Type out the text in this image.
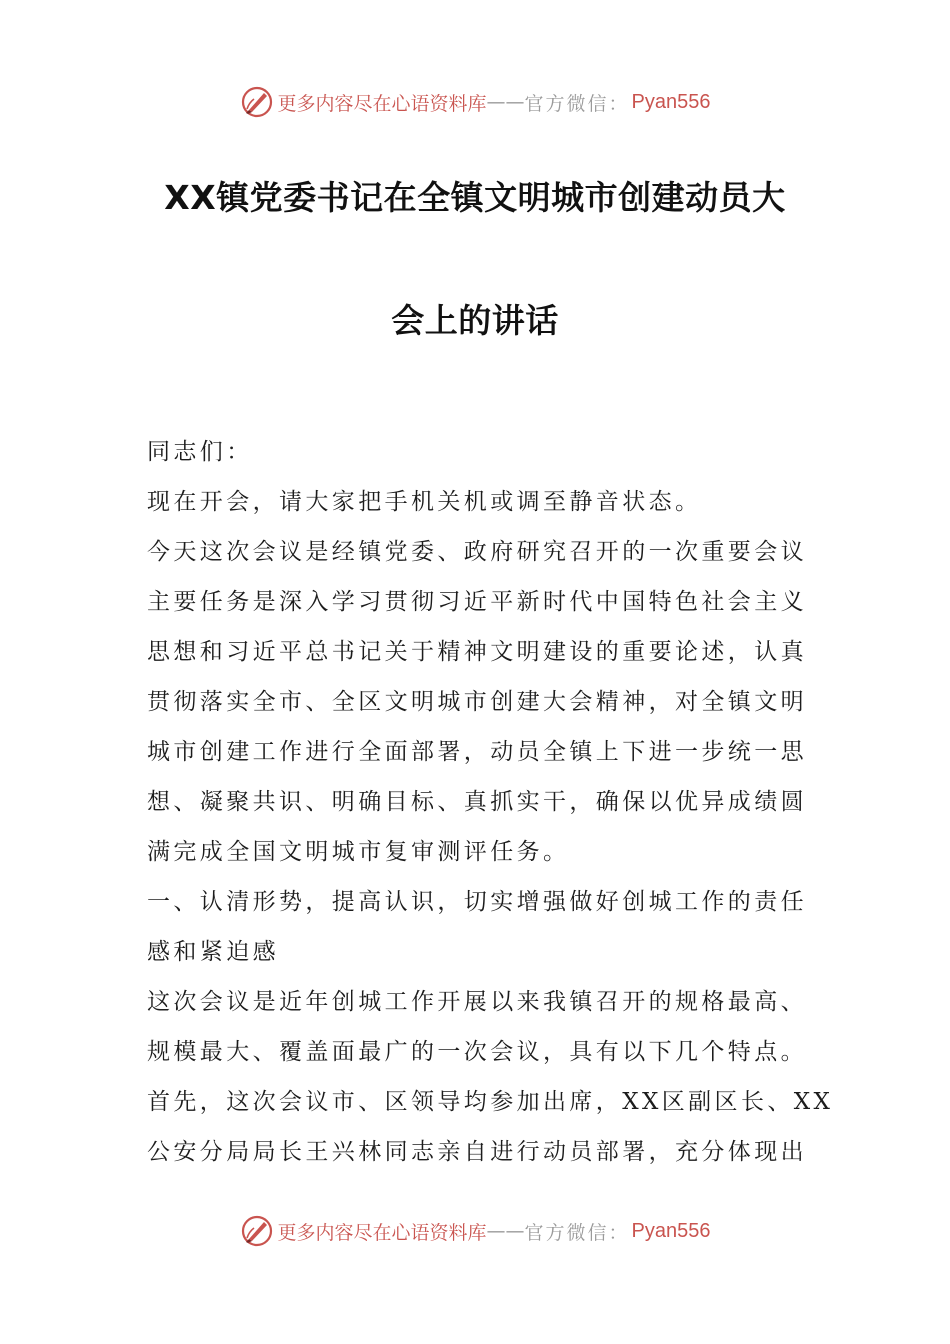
更多内容尽在心语资料库 —— 官方微信： Pyan556
XX镇党委书记在全镇文明城市创建动员大
会上的讲话
同志们：
现在开会，请大家把手机关机或调至静音状态。
今天这次会议是经镇党委、政府研究召开的一次重要会议
主要任务是深入学习贯彻习近平新时代中国特色社会主义
思想和习近平总书记关于精神文明建设的重要论述，认真
贯彻落实全市、全区文明城市创建大会精神，对全镇文明
城市创建工作进行全面部署，动员全镇上下进一步统一思
想、凝聚共识、明确目标、真抓实干，确保以优异成绩圆
满完成全国文明城市复审测评任务。
一、认清形势，提高认识，切实增强做好创城工作的责任
感和紧迫感
这次会议是近年创城工作开展以来我镇召开的规格最高、
规模最大、覆盖面最广的一次会议，具有以下几个特点。
首先，这次会议市、区领导均参加出席，XX区副区长、XX
公安分局局长王兴林同志亲自进行动员部署，充分体现出
更多内容尽在心语资料库 —— 官方微信： Pyan556
